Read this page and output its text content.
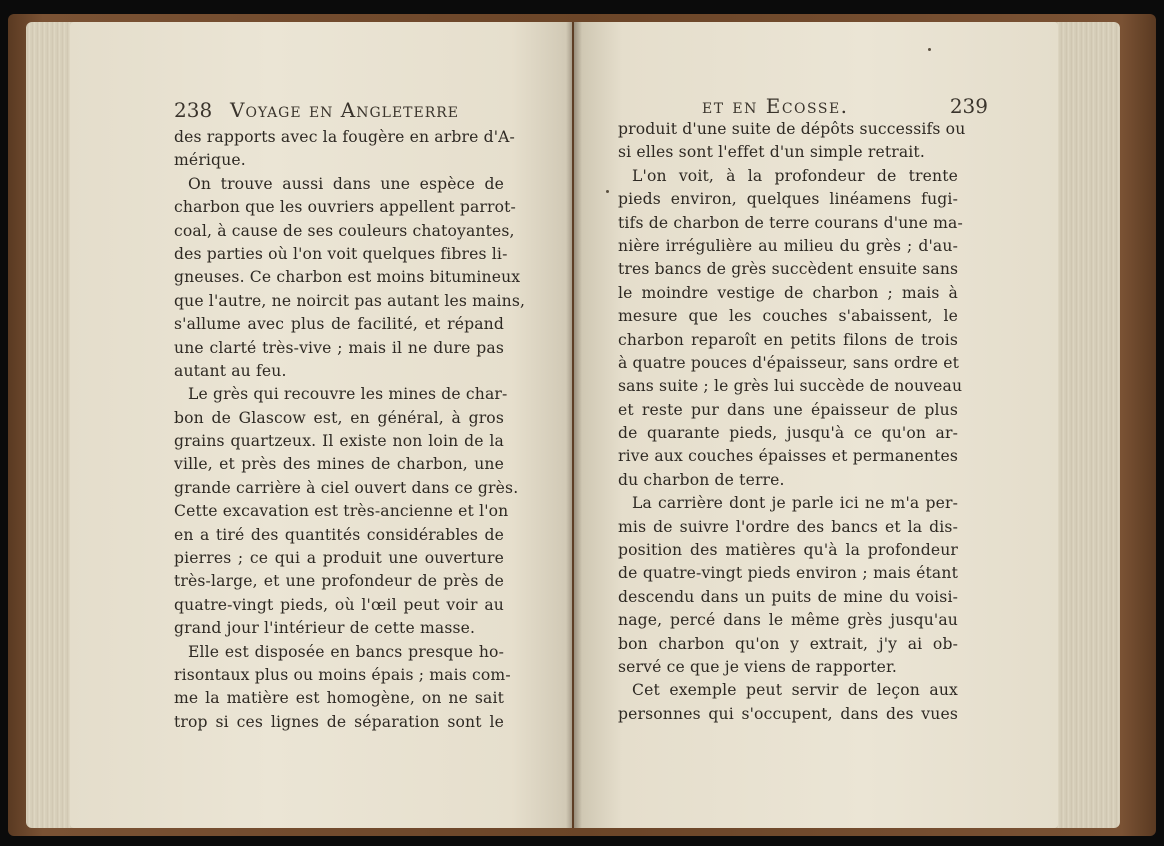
238 Voyage en Angleterre
des rapports avec la fougère en arbre d'A-
mérique.
On trouve aussi dans une espèce de
charbon que les ouvriers appellent parrot-
coal, à cause de ses couleurs chatoyantes,
des parties où l'on voit quelques fibres li-
gneuses. Ce charbon est moins bitumineux
que l'autre, ne noircit pas autant les mains,
s'allume avec plus de facilité, et répand
une clarté très-vive ; mais il ne dure pas
autant au feu.
Le grès qui recouvre les mines de char-
bon de Glascow est, en général, à gros
grains quartzeux. Il existe non loin de la
ville, et près des mines de charbon, une
grande carrière à ciel ouvert dans ce grès.
Cette excavation est très-ancienne et l'on
en a tiré des quantités considérables de
pierres ; ce qui a produit une ouverture
très-large, et une profondeur de près de
quatre-vingt pieds, où l'œil peut voir au
grand jour l'intérieur de cette masse.
Elle est disposée en bancs presque ho-
risontaux plus ou moins épais ; mais com-
me la matière est homogène, on ne sait
trop si ces lignes de séparation sont le
et en Ecosse.	239
produit d'une suite de dépôts successifs ou
si elles sont l'effet d'un simple retrait.
L'on voit, à la profondeur de trente
pieds environ, quelques linéamens fugi-
tifs de charbon de terre courans d'une ma-
nière irrégulière au milieu du grès ; d'au-
tres bancs de grès succèdent ensuite sans
le moindre vestige de charbon ; mais à
mesure que les couches s'abaissent, le
charbon reparoît en petits filons de trois
à quatre pouces d'épaisseur, sans ordre et
sans suite ; le grès lui succède de nouveau
et reste pur dans une épaisseur de plus
de quarante pieds, jusqu'à ce qu'on ar-
rive aux couches épaisses et permanentes
du charbon de terre.
La carrière dont je parle ici ne m'a per-
mis de suivre l'ordre des bancs et la dis-
position des matières qu'à la profondeur
de quatre-vingt pieds environ ; mais étant
descendu dans un puits de mine du voisi-
nage, percé dans le même grès jusqu'au
bon charbon qu'on y extrait, j'y ai ob-
servé ce que je viens de rapporter.
Cet exemple peut servir de leçon aux
personnes qui s'occupent, dans des vues
